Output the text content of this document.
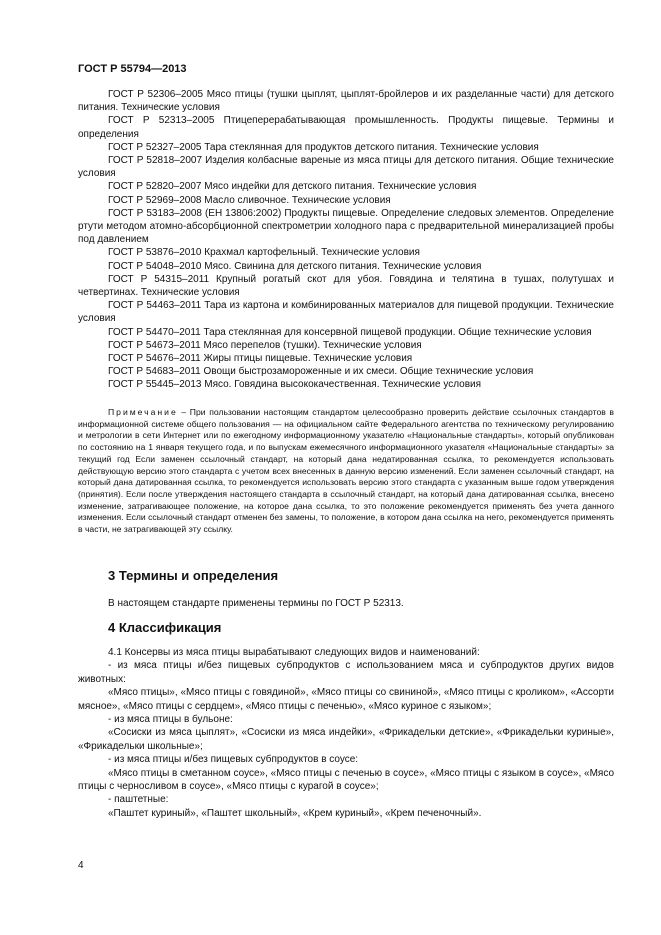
ГОСТ Р 55794—2013

ГОСТ Р 52306–2005 Мясо птицы (тушки цыплят, цыплят-бройлеров и их разделанные части) для детского питания. Технические условия

ГОСТ Р 52313–2005 Птицеперерабатывающая промышленность. Продукты пищевые. Термины и определения

ГОСТ Р 52327–2005 Тара стеклянная для продуктов детского питания. Технические условия

ГОСТ Р 52818–2007 Изделия колбасные вареные из мяса птицы для детского питания. Общие технические условия

ГОСТ Р 52820–2007 Мясо индейки для детского питания. Технические условия

ГОСТ Р 52969–2008 Масло сливочное. Технические условия

ГОСТ Р 53183–2008 (ЕН 13806:2002) Продукты пищевые. Определение следовых элементов. Определение ртути методом атомно-абсорбционной спектрометрии холодного пара с предварительной минерализацией пробы под давлением

ГОСТ Р 53876–2010 Крахмал картофельный. Технические условия

ГОСТ Р 54048–2010 Мясо. Свинина для детского питания. Технические условия

ГОСТ Р 54315–2011 Крупный рогатый скот для убоя. Говядина и телятина в тушах, полутушах и четвертинах. Технические условия

ГОСТ Р 54463–2011 Тара из картона и комбинированных материалов для пищевой продукции. Технические условия

ГОСТ Р 54470–2011 Тара стеклянная для консервной пищевой продукции. Общие технические условия

ГОСТ Р 54673–2011 Мясо перепелов (тушки). Технические условия

ГОСТ Р 54676–2011 Жиры птицы пищевые. Технические условия

ГОСТ Р 54683–2011 Овощи быстрозамороженные и их смеси. Общие технические условия

ГОСТ Р 55445–2013 Мясо. Говядина высококачественная. Технические условия

Примечание – При пользовании настоящим стандартом целесообразно проверить действие ссылочных стандартов в информационной системе общего пользования — на официальном сайте Федерального агентства по техническому регулированию и метрологии в сети Интернет или по ежегодному информационному указателю «Национальные стандарты», который опубликован по состоянию на 1 января текущего года, и по выпускам ежемесячного информационного указателя «Национальные стандарты» за текущий год Если заменен ссылочный стандарт, на который дана недатированная ссылка, то рекомендуется использовать действующую версию этого стандарта с учетом всех внесенных в данную версию изменений. Если заменен ссылочный стандарт, на который дана датированная ссылка, то рекомендуется использовать версию этого стандарта с указанным выше годом утверждения (принятия). Если после утверждения настоящего стандарта в ссылочный стандарт, на который дана датированная ссылка, внесено изменение, затрагивающее положение, на которое дана ссылка, то это положение рекомендуется применять без учета данного изменения. Если ссылочный стандарт отменен без замены, то положение, в котором дана ссылка на него, рекомендуется применять в части, не затрагивающей эту ссылку.

3 Термины и определения

В настоящем стандарте применены термины по ГОСТ Р 52313.

4 Классификация

4.1 Консервы из мяса птицы вырабатывают следующих видов и наименований:

- из мяса птицы и/без пищевых субпродуктов с использованием мяса и субпродуктов других видов животных:

«Мясо птицы», «Мясо птицы с говядиной», «Мясо птицы со свининой», «Мясо птицы с кроликом», «Ассорти мясное», «Мясо птицы с сердцем», «Мясо птицы с печенью», «Мясо куриное с языком»;

- из мяса птицы в бульоне:

«Сосиски из мяса цыплят», «Сосиски из мяса индейки», «Фрикадельки детские», «Фрикадельки куриные», «Фрикадельки школьные»;

- из мяса птицы и/без пищевых субпродуктов в соусе:

«Мясо птицы в сметанном соусе», «Мясо птицы с печенью в соусе», «Мясо птицы с языком в соусе», «Мясо птицы с черносливом в соусе», «Мясо птицы с курагой в соусе»;

- паштетные:

«Паштет куриный», «Паштет школьный», «Крем куриный», «Крем печеночный».

4
